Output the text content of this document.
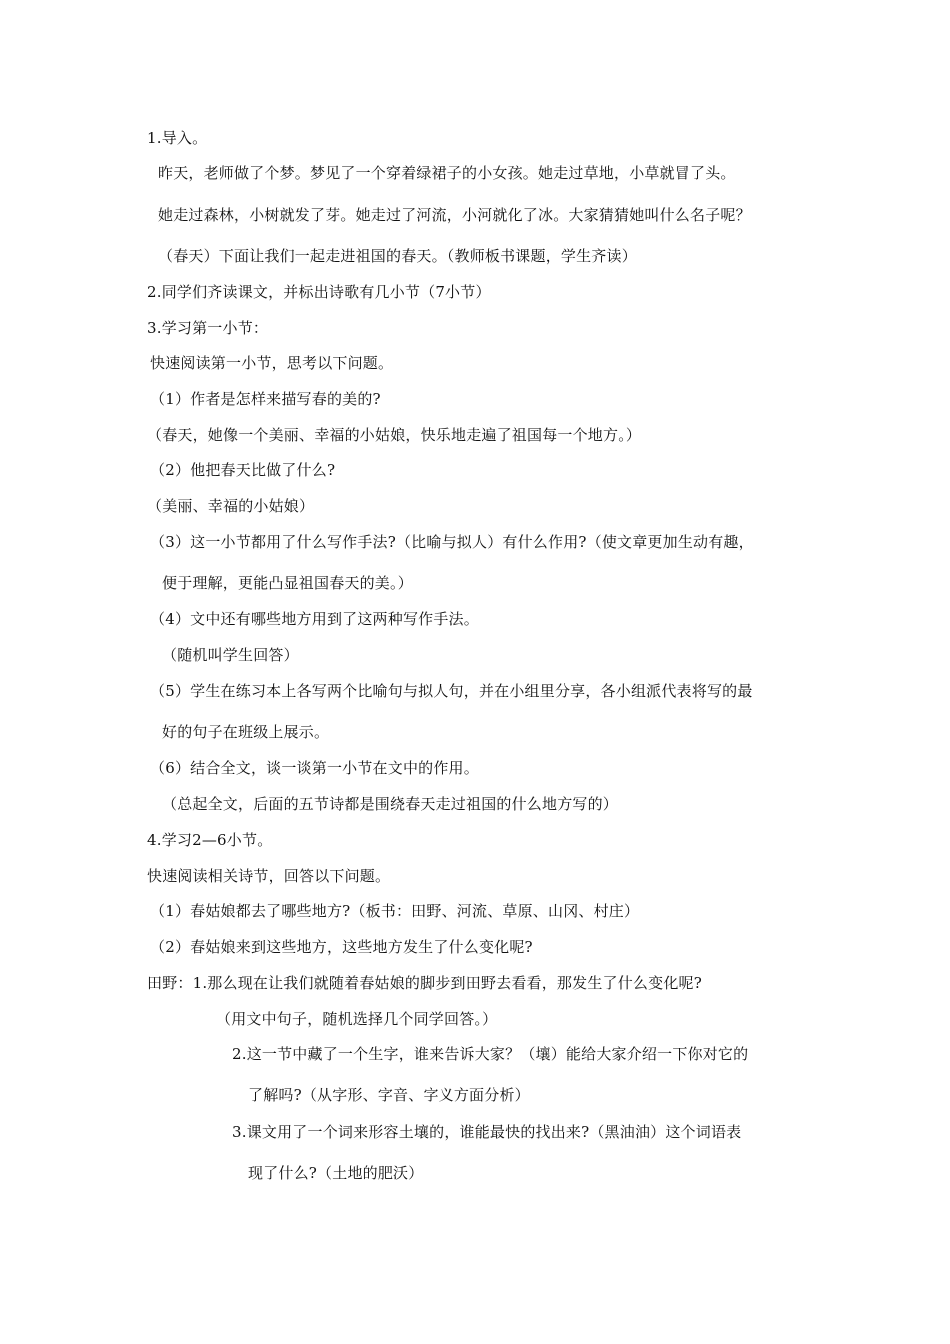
1.导入。
昨天，老师做了个梦。梦见了一个穿着绿裙子的小女孩。她走过草地，小草就冒了头。
她走过森林，小树就发了芽。她走过了河流，小河就化了冰。大家猜猜她叫什么名子呢？
（春天）下面让我们一起走进祖国的春天。（教师板书课题，学生齐读）
2.同学们齐读课文，并标出诗歌有几小节（7小节）
3.学习第一小节：
快速阅读第一小节，思考以下问题。
（1）作者是怎样来描写春的美的?
（春天，她像一个美丽、幸福的小姑娘，快乐地走遍了祖国每一个地方。）
（2）他把春天比做了什么?
（美丽、幸福的小姑娘）
（3）这一小节都用了什么写作手法?（比喻与拟人）有什么作用?（使文章更加生动有趣，
便于理解，更能凸显祖国春天的美。）
（4）文中还有哪些地方用到了这两种写作手法。
（随机叫学生回答）
（5）学生在练习本上各写两个比喻句与拟人句，并在小组里分享，各小组派代表将写的最
好的句子在班级上展示。
（6）结合全文，谈一谈第一小节在文中的作用。
（总起全文，后面的五节诗都是围绕春天走过祖国的什么地方写的）
4.学习2—6小节。
快速阅读相关诗节，回答以下问题。
（1）春姑娘都去了哪些地方?（板书：田野、河流、草原、山冈、村庄）
（2）春姑娘来到这些地方，这些地方发生了什么变化呢?
田野：1.那么现在让我们就随着春姑娘的脚步到田野去看看，那发生了什么变化呢?
（用文中句子，随机选择几个同学回答。）
2.这一节中藏了一个生字，谁来告诉大家？（壤）能给大家介绍一下你对它的
了解吗?（从字形、字音、字义方面分析）
3.课文用了一个词来形容土壤的，谁能最快的找出来?（黑油油）这个词语表
现了什么?（土地的肥沃）
